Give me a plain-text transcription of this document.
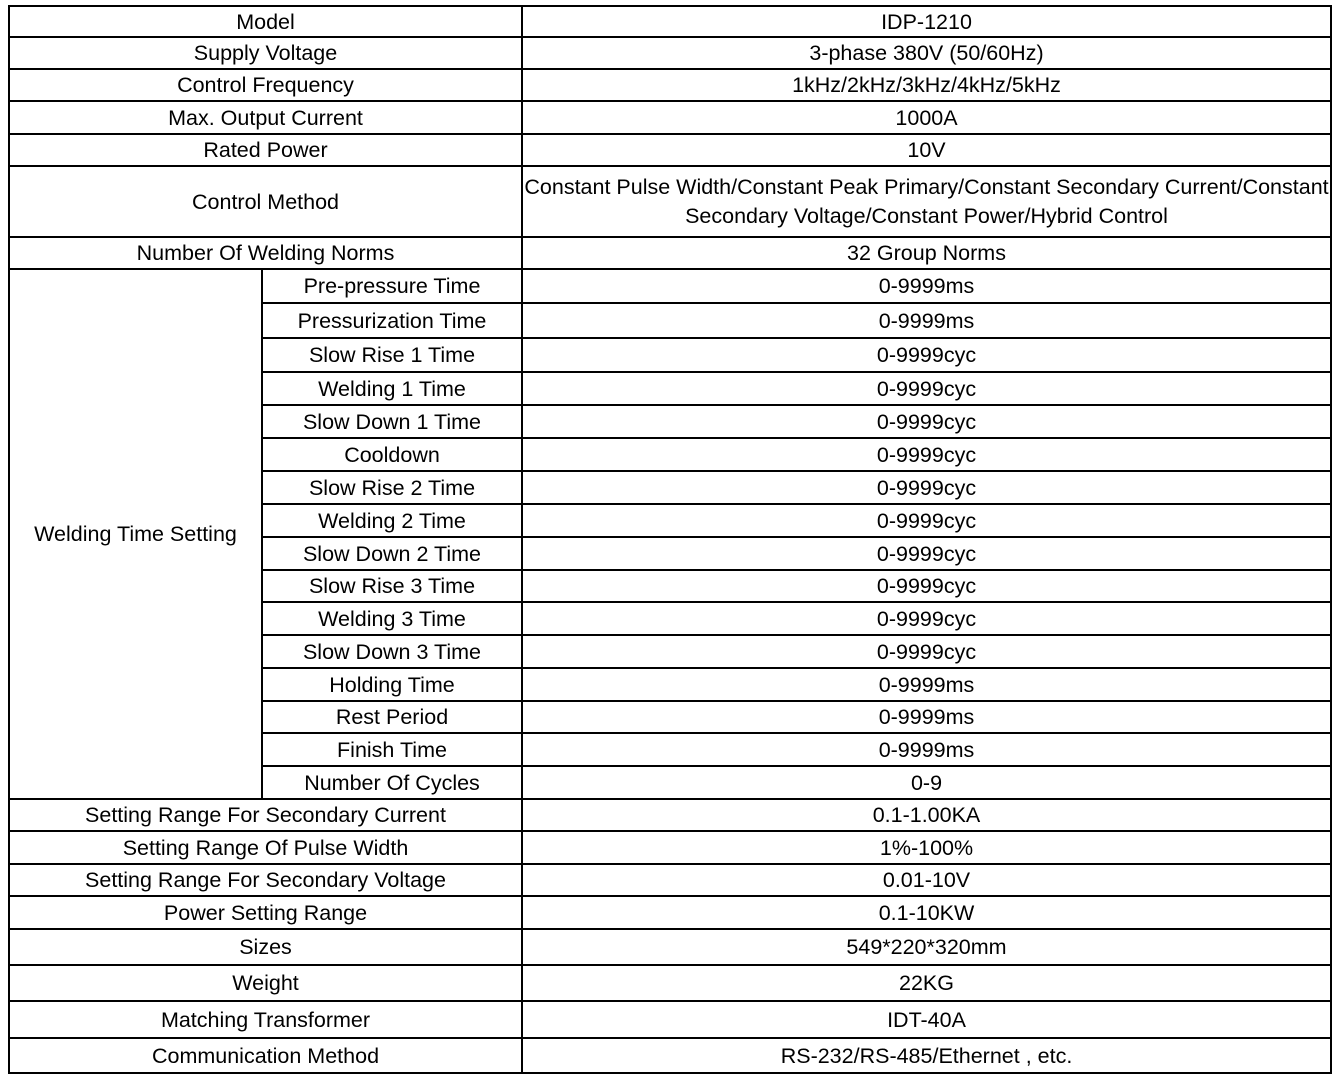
Model		IDP-1210
Supply Voltage		3-phase 380V (50/60Hz)
Control Frequency		1kHz/2kHz/3kHz/4kHz/5kHz
Max. Output Current		1000A
Rated Power		10V
Control Method		Constant Pulse Width/Constant Peak Primary/Constant Secondary Current/Constant Secondary Voltage/Constant Power/Hybrid Control
Number Of Welding Norms		32 Group Norms
Welding Time Setting	Pre-pressure Time	0-9999ms
	Pressurization Time	0-9999ms
	Slow Rise 1 Time	0-9999cyc
	Welding 1 Time	0-9999cyc
	Slow Down 1 Time	0-9999cyc
	Cooldown	0-9999cyc
	Slow Rise 2 Time	0-9999cyc
	Welding 2 Time	0-9999cyc
	Slow Down 2 Time	0-9999cyc
	Slow Rise 3 Time	0-9999cyc
	Welding 3 Time	0-9999cyc
	Slow Down 3 Time	0-9999cyc
	Holding Time	0-9999ms
	Rest Period	0-9999ms
	Finish Time	0-9999ms
	Number Of Cycles	0-9
Setting Range For Secondary Current		0.1-1.00KA
Setting Range Of Pulse Width		1%-100%
Setting Range For Secondary Voltage		0.01-10V
Power Setting Range		0.1-10KW
Sizes		549*220*320mm
Weight		22KG
Matching Transformer		IDT-40A
Communication Method		RS-232/RS-485/Ethernet , etc.
